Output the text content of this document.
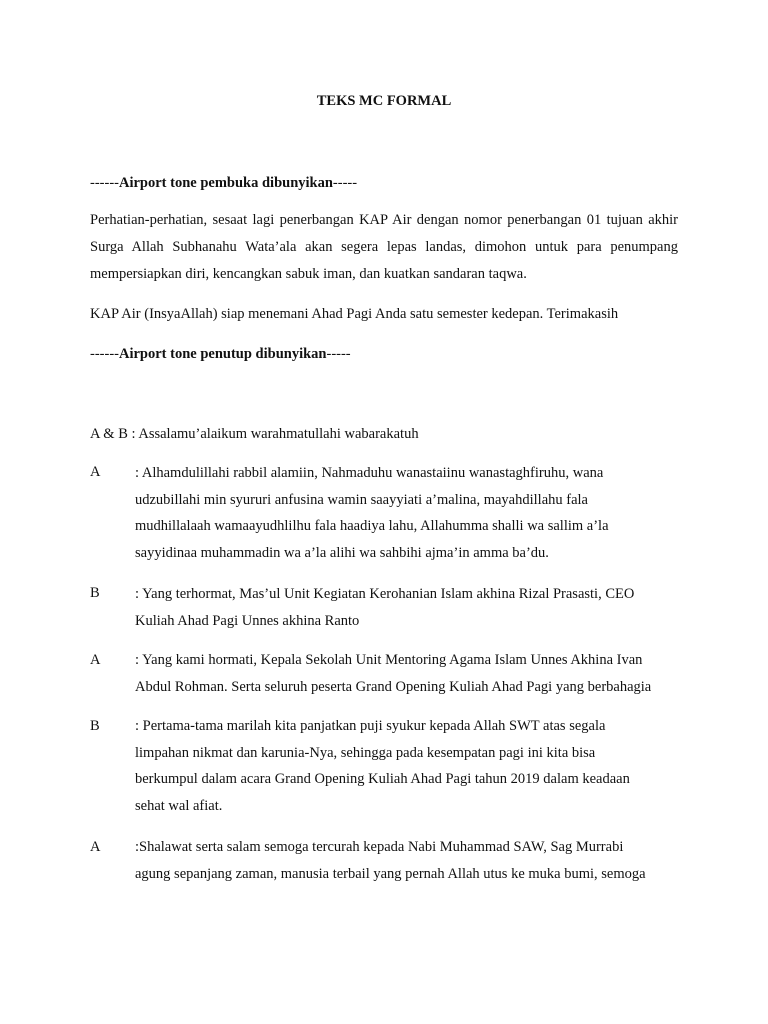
TEKS MC FORMAL
------Airport tone pembuka dibunyikan-----
Perhatian-perhatian, sesaat lagi penerbangan KAP Air dengan nomor penerbangan 01 tujuan akhir Surga Allah Subhanahu Wata’ala akan segera lepas landas, dimohon untuk para penumpang mempersiapkan diri, kencangkan sabuk iman, dan kuatkan sandaran taqwa.
KAP Air (InsyaAllah) siap menemani Ahad Pagi Anda satu semester kedepan. Terimakasih
------Airport tone penutup dibunyikan-----
A & B : Assalamu’alaikum warahmatullahi wabarakatuh
A : Alhamdulillahi rabbil alamiin, Nahmaduhu wanastaiinu wanastaghfiruhu, wana
udzubillahi min syururi anfusina wamin saayyiati a’malina, mayahdillahu fala
mudhillalaah wamaayudhlilhu fala haadiya lahu, Allahumma shalli wa sallim a’la
sayyidinaa muhammadin wa a’la alihi wa sahbihi ajma’in amma ba’du.
B : Yang terhormat, Mas’ul Unit Kegiatan Kerohanian Islam akhina Rizal Prasasti, CEO
Kuliah Ahad Pagi Unnes akhina Ranto
A : Yang kami hormati, Kepala Sekolah Unit Mentoring Agama Islam Unnes Akhina Ivan
Abdul Rohman. Serta seluruh peserta Grand Opening Kuliah Ahad Pagi yang berbahagia
B : Pertama-tama marilah kita panjatkan puji syukur kepada Allah SWT atas segala
limpahan nikmat dan karunia-Nya, sehingga pada kesempatan pagi ini kita bisa
berkumpul dalam acara Grand Opening Kuliah Ahad Pagi tahun 2019 dalam keadaan
sehat wal afiat.
A :Shalawat serta salam semoga tercurah kepada Nabi Muhammad SAW, Sag Murrabi
agung sepanjang zaman, manusia terbail yang pernah Allah utus ke muka bumi, semoga
